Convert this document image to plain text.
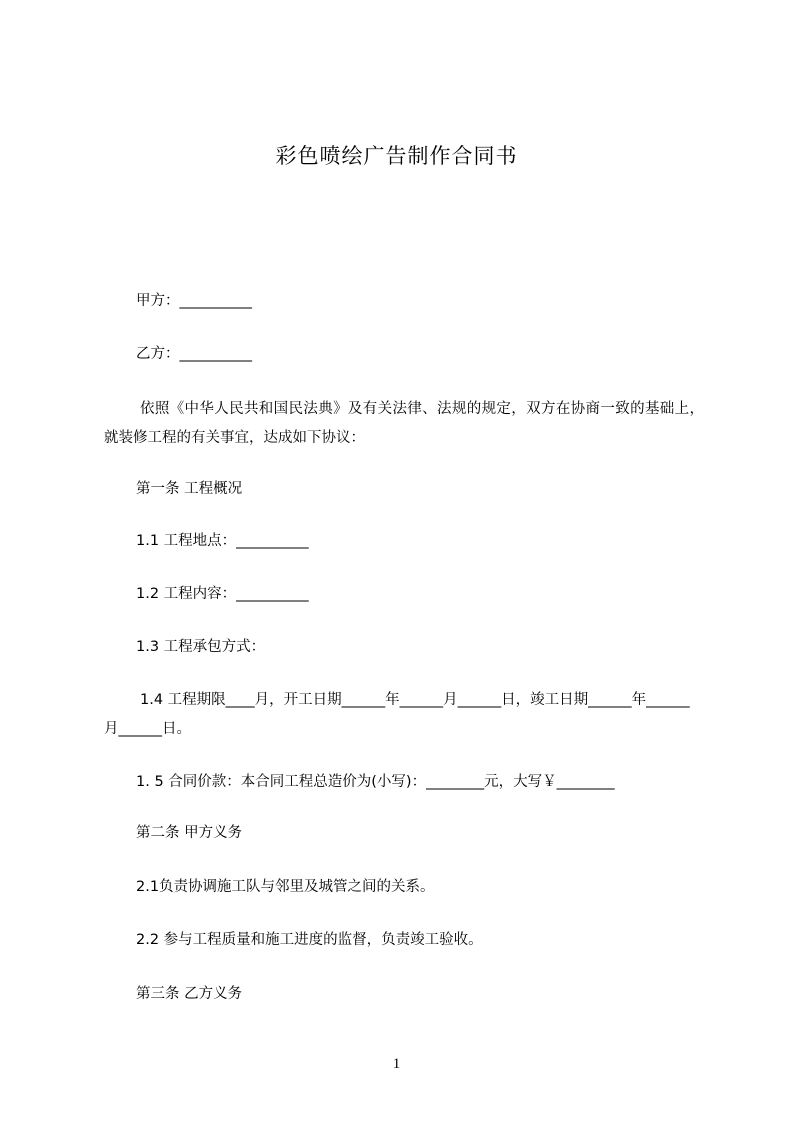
彩色喷绘广告制作合同书
甲方：__________
乙方：__________
依照《中华人民共和国民法典》及有关法律、法规的规定，双方在协商一致的基础上，就装修工程的有关事宜，达成如下协议：
第一条 工程概况
1.1 工程地点：__________
1.2 工程内容：__________
1.3 工程承包方式：
1.4 工程期限____月，开工日期______年______月______日，竣工日期______年______月______日。
1. 5 合同价款：本合同工程总造价为(小写)：________元，大写￥________
第二条 甲方义务
2.1负责协调施工队与邻里及城管之间的关系。
2.2 参与工程质量和施工进度的监督，负责竣工验收。
第三条 乙方义务
1
